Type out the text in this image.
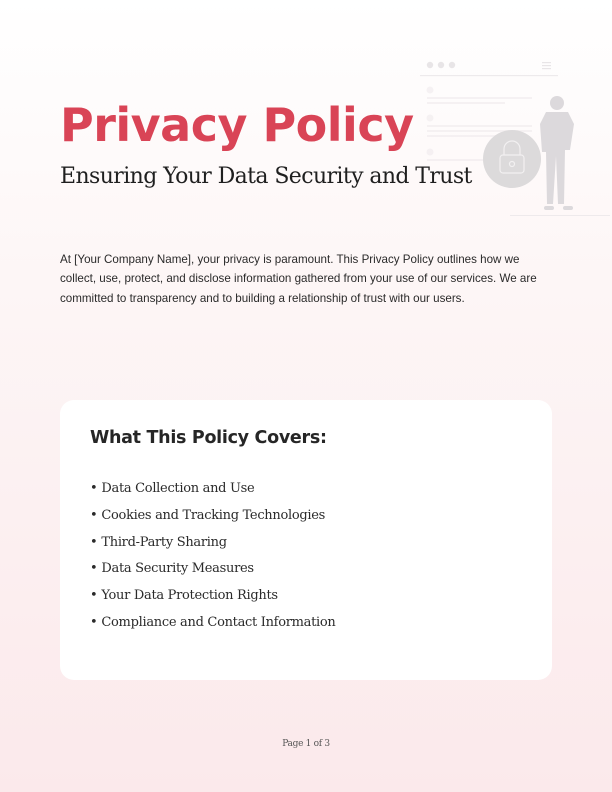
Privacy Policy
Ensuring Your Data Security and Trust

At [Your Company Name], your privacy is paramount. This Privacy Policy outlines how we collect, use, protect, and disclose information gathered from your use of our services. We are committed to transparency and to building a relationship of trust with our users.

What This Policy Covers:
• Data Collection and Use
• Cookies and Tracking Technologies
• Third-Party Sharing
• Data Security Measures
• Your Data Protection Rights
• Compliance and Contact Information
Page 1 of 3
